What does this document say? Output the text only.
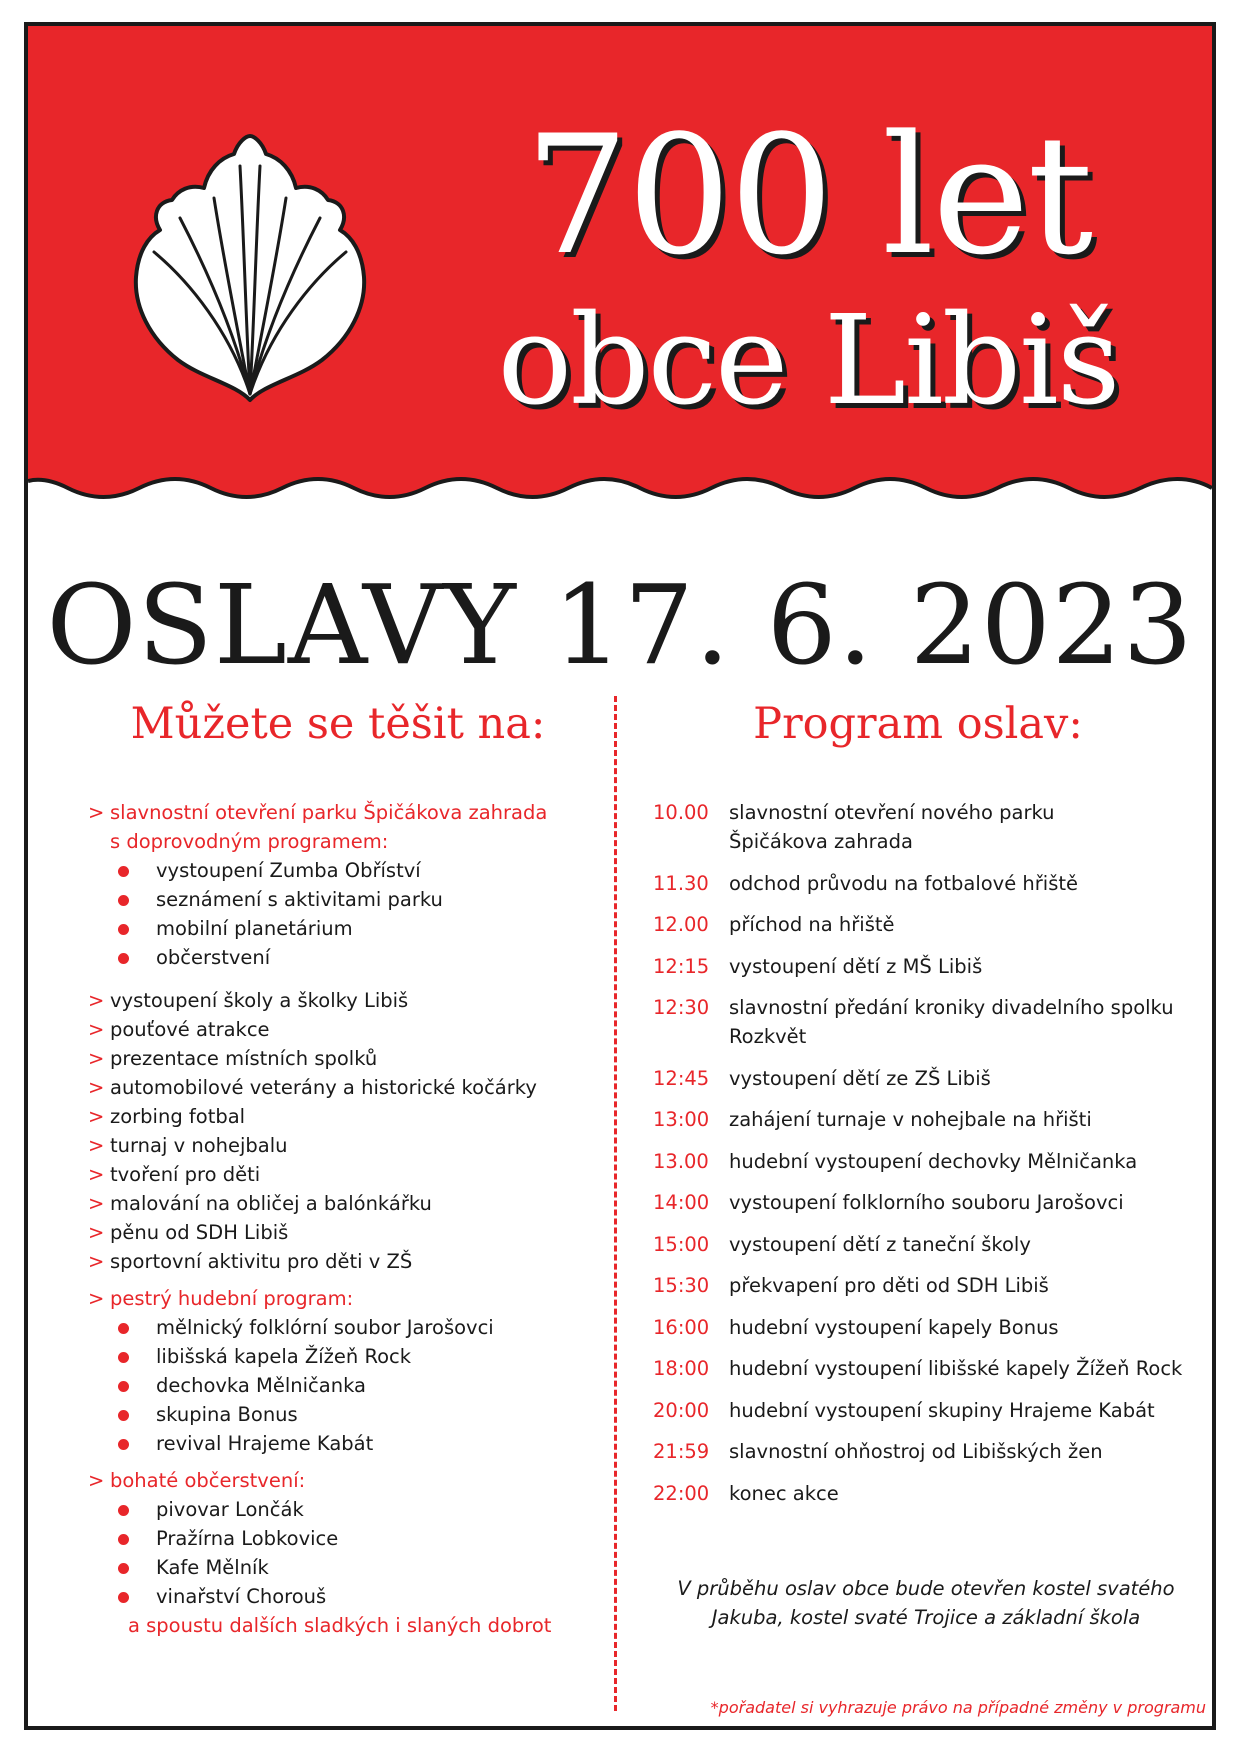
700 let
obce Libiš
OSLAVY 17. 6. 2023
Můžete se těšit na:	Program oslav:
> slavnostní otevření parku Špičákova zahrada
s doprovodným programem:
vystoupení Zumba Obříství
seznámení s aktivitami parku
mobilní planetárium
občerstvení
> vystoupení školy a školky Libiš
> pouťové atrakce
> prezentace místních spolků
> automobilové veterány a historické kočárky
> zorbing fotbal
> turnaj v nohejbalu
> tvoření pro děti
> malování na obličej a balónkářku
> pěnu od SDH Libiš
> sportovní aktivitu pro děti v ZŠ
> pestrý hudební program:
mělnický folklórní soubor Jarošovci
libišská kapela Žížeň Rock
dechovka Mělničanka
skupina Bonus
revival Hrajeme Kabát
> bohaté občerstvení:
pivovar Lončák
Pražírna Lobkovice
Kafe Mělník
vinařství Chorouš
a spoustu dalších sladkých i slaných dobrot
10.00	slavnostní otevření nového parku
Špičákova zahrada
11.30	odchod průvodu na fotbalové hřiště
12.00	příchod na hřiště
12:15	vystoupení dětí z MŠ Libiš
12:30	slavnostní předání kroniky divadelního spolku
Rozkvět
12:45	vystoupení dětí ze ZŠ Libiš
13:00	zahájení turnaje v nohejbale na hřišti
13.00	hudební vystoupení dechovky Mělničanka
14:00	vystoupení folklorního souboru Jarošovci
15:00	vystoupení dětí z taneční školy
15:30	překvapení pro děti od SDH Libiš
16:00	hudební vystoupení kapely Bonus
18:00	hudební vystoupení libišské kapely Žížeň Rock
20:00	hudební vystoupení skupiny Hrajeme Kabát
21:59	slavnostní ohňostroj od Libišských žen
22:00	konec akce
V průběhu oslav obce bude otevřen kostel svatého
Jakuba, kostel svaté Trojice a základní škola
*pořadatel si vyhrazuje právo na případné změny v programu
